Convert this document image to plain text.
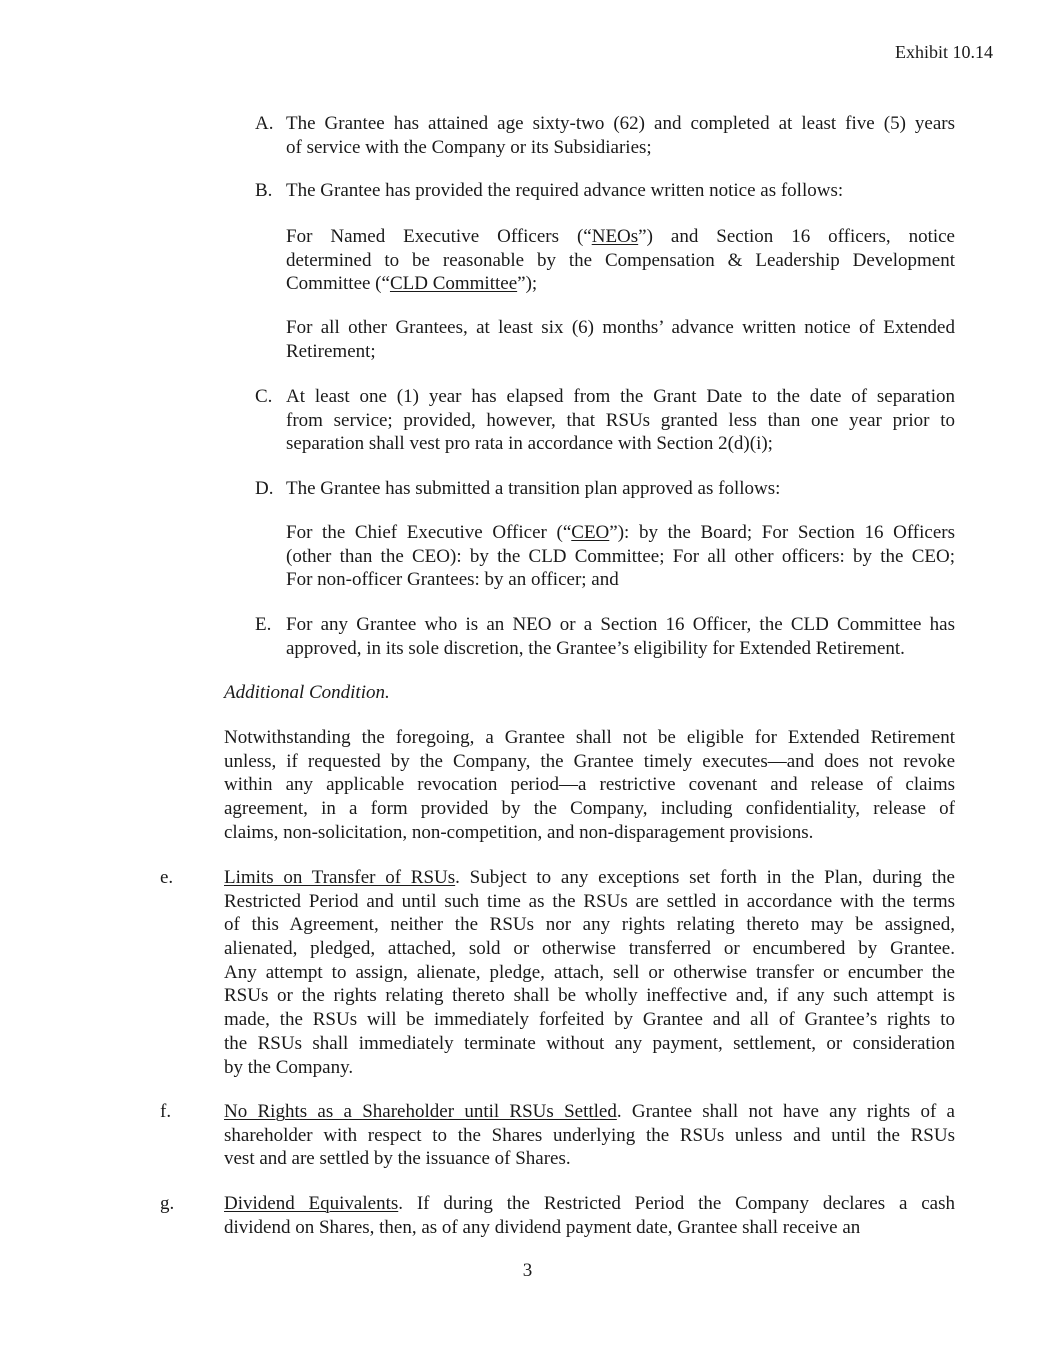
Exhibit 10.14
A. The Grantee has attained age sixty-two (62) and completed at least five (5) years
of service with the Company or its Subsidiaries;
B. The Grantee has provided the required advance written notice as follows:
For Named Executive Officers (“NEOs”) and Section 16 officers, notice
determined to be reasonable by the Compensation & Leadership Development
Committee (“CLD Committee”);
For all other Grantees, at least six (6) months’ advance written notice of Extended
Retirement;
C. At least one (1) year has elapsed from the Grant Date to the date of separation
from service; provided, however, that RSUs granted less than one year prior to
separation shall vest pro rata in accordance with Section 2(d)(i);
D. The Grantee has submitted a transition plan approved as follows:
For the Chief Executive Officer (“CEO”): by the Board; For Section 16 Officers
(other than the CEO): by the CLD Committee; For all other officers: by the CEO;
For non-officer Grantees: by an officer; and
E. For any Grantee who is an NEO or a Section 16 Officer, the CLD Committee has
approved, in its sole discretion, the Grantee’s eligibility for Extended Retirement.
Additional Condition.
Notwithstanding the foregoing, a Grantee shall not be eligible for Extended Retirement
unless, if requested by the Company, the Grantee timely executes—and does not revoke
within any applicable revocation period—a restrictive covenant and release of claims
agreement, in a form provided by the Company, including confidentiality, release of
claims, non-solicitation, non-competition, and non-disparagement provisions.
e.	Limits on Transfer of RSUs. Subject to any exceptions set forth in the Plan, during the
Restricted Period and until such time as the RSUs are settled in accordance with the terms
of this Agreement, neither the RSUs nor any rights relating thereto may be assigned,
alienated, pledged, attached, sold or otherwise transferred or encumbered by Grantee.
Any attempt to assign, alienate, pledge, attach, sell or otherwise transfer or encumber the
RSUs or the rights relating thereto shall be wholly ineffective and, if any such attempt is
made, the RSUs will be immediately forfeited by Grantee and all of Grantee’s rights to
the RSUs shall immediately terminate without any payment, settlement, or consideration
by the Company.
f.	No Rights as a Shareholder until RSUs Settled. Grantee shall not have any rights of a
shareholder with respect to the Shares underlying the RSUs unless and until the RSUs
vest and are settled by the issuance of Shares.
g.	Dividend Equivalents. If during the Restricted Period the Company declares a cash
dividend on Shares, then, as of any dividend payment date, Grantee shall receive an
3
